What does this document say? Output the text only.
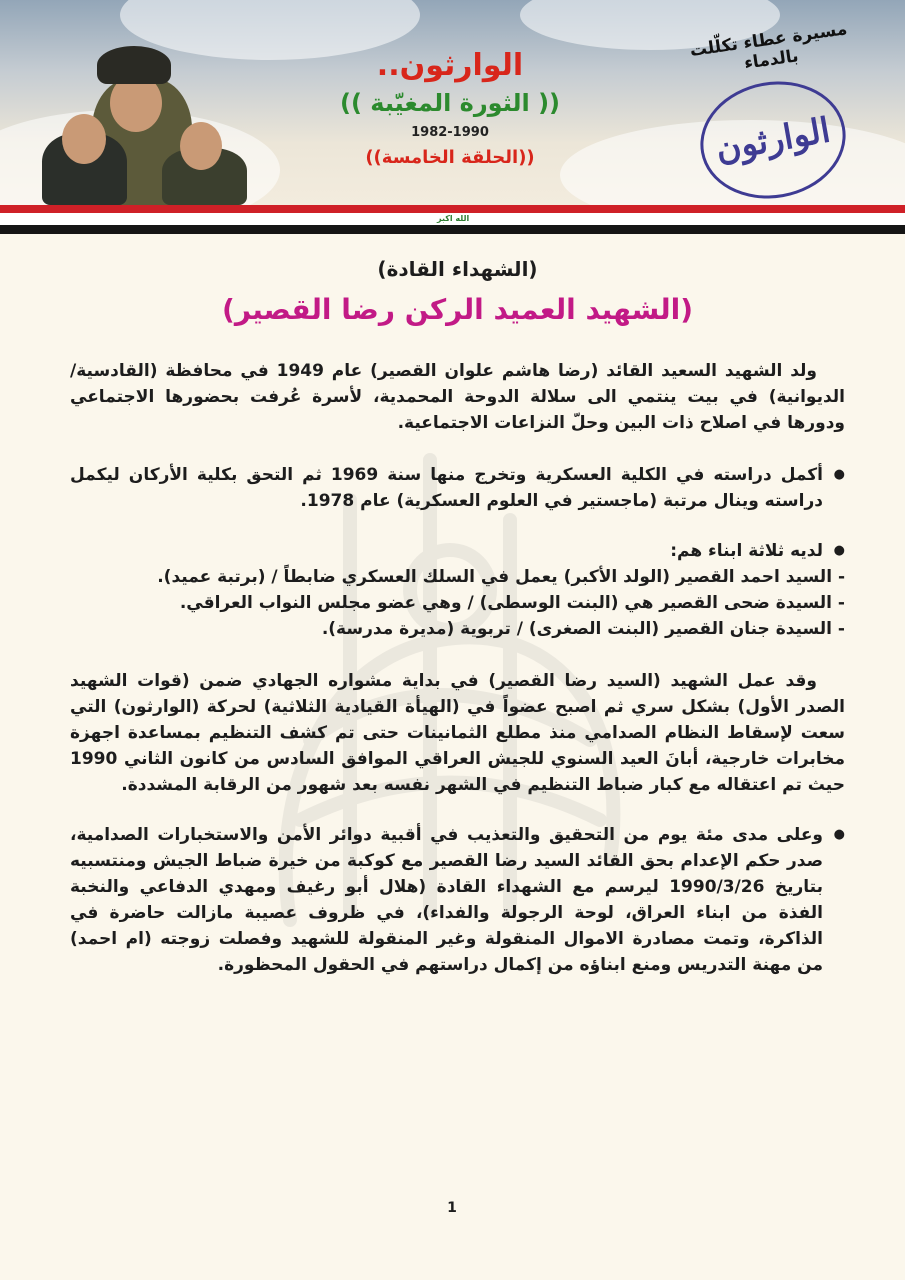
الوارثون..
(( الثورة المغيّبة ))
1982-1990
((الحلقة الخامسة))
مسيرة عطاء تكلّلت بالدماء
الوارثون
الله اكبر
(الشهداء القادة)
(الشهيد العميد الركن رضا القصير)

ولد الشهيد السعيد القائد (رضا هاشم علوان القصير) عام 1949 في محافظة (القادسية/الديوانية) في بيت ينتمي الى سلالة الدوحة المحمدية، لأسرة عُرفت بحضورها الاجتماعي ودورها في اصلاح ذات البين وحلّ النزاعات الاجتماعية.

● أكمل دراسته في الكلية العسكرية وتخرج منها سنة 1969 ثم التحق بكلية الأركان ليكمل دراسته وينال مرتبة (ماجستير في العلوم العسكرية) عام 1978.
● لديه ثلاثة ابناء هم:
- السيد احمد القصير (الولد الأكبر) يعمل في السلك العسكري ضابطاً / (برتبة عميد).
- السيدة ضحى القصير هي (البنت الوسطى) / وهي عضو مجلس النواب العراقي.
- السيدة جنان القصير (البنت الصغرى) / تربوية (مديرة مدرسة).

وقد عمل الشهيد (السيد رضا القصير) في بداية مشواره الجهادي ضمن (قوات الشهيد الصدر الأول) بشكل سري ثم اصبح عضواً في (الهيأة القيادية الثلاثية) لحركة (الوارثون) التي سعت لإسقاط النظام الصدامي منذ مطلع الثمانينات حتى تم كشف التنظيم بمساعدة اجهزة مخابرات خارجية، أبانَ العيد السنوي للجيش العراقي الموافق السادس من كانون الثاني 1990 حيث تم اعتقاله مع كبار ضباط التنظيم في الشهر نفسه بعد شهور من الرقابة المشددة.

● وعلى مدى مئة يوم من التحقيق والتعذيب في أقبية دوائر الأمن والاستخبارات الصدامية، صدر حكم الإعدام بحق القائد السيد رضا القصير مع كوكبة من خيرة ضباط الجيش ومنتسبيه بتاريخ 1990/3/26 ليرسم مع الشهداء القادة (هلال أبو رغيف ومهدي الدفاعي والنخبة الفذة من ابناء العراق، لوحة الرجولة والفداء)، في ظروف عصيبة مازالت حاضرة في الذاكرة، وتمت مصادرة الاموال المنقولة وغير المنقولة للشهيد وفصلت زوجته (ام احمد) من مهنة التدريس ومنع ابناؤه من إكمال دراستهم في الحقول المحظورة.
1
